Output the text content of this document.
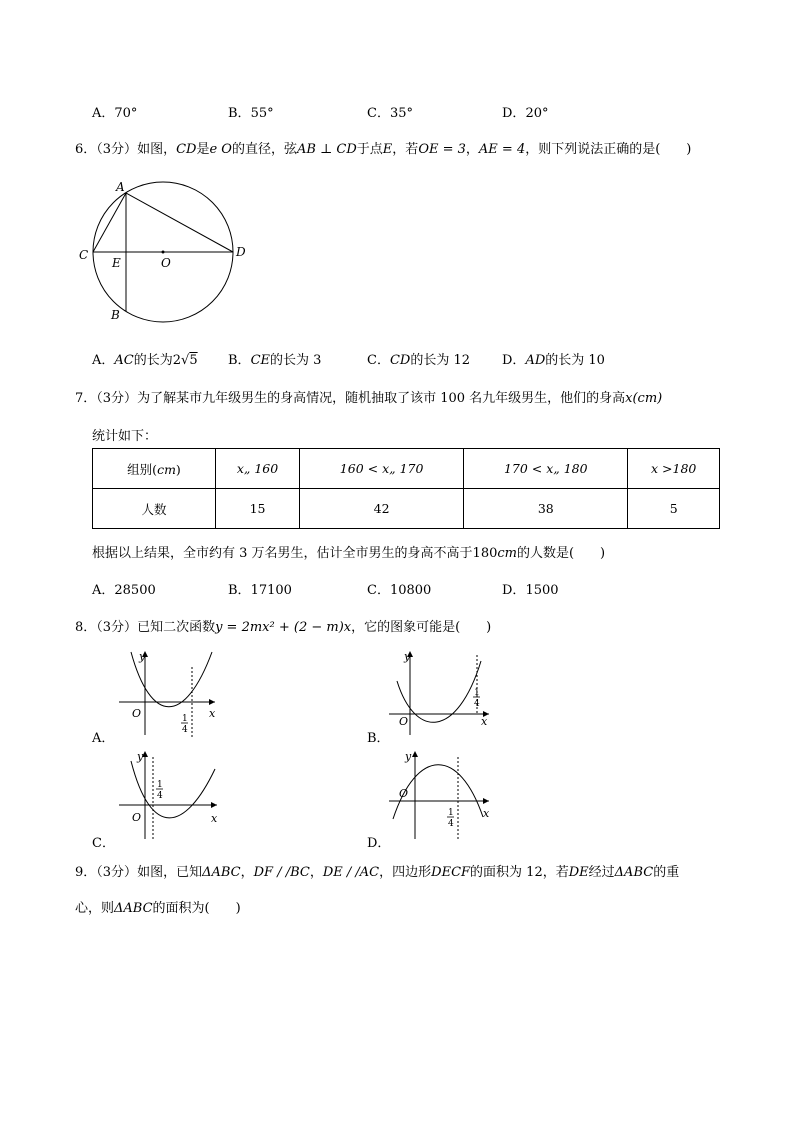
A．70°	B．55°	C．35°	D．20°
6．（3分）如图，CD是e O的直径，弦AB ⊥ CD于点E，若OE = 3，AE = 4，则下列说法正确的是(　　)
A
C	D
E	O
B
A．AC的长为2√5 B．CE的长为 3	C．CD的长为 12 D．AD的长为 10
7．（3分）为了解某市九年级男生的身高情况，随机抽取了该市 100 名九年级男生，他们的身高x(cm)
统计如下：
组别(cm)	x„ 160	160 < x„ 170	170 < x„ 180	x >180
人数	15	42	38	5
根据以上结果，全市约有 3 万名男生，估计全市男生的身高不高于180cm的人数是(　　)
A．28500	B．17100	C．10800	D．1500
8．（3分）已知二次函数y = 2mx² + (2 − m)x，它的图象可能是(　　)
y
x
O	1
4
A．
y
x
O
1
4
B．
y
x
O
1
4
C．
y
x
O
1
4
D．
9．（3分）如图，已知ΔABC，DF / /BC，DE / /AC，四边形DECF的面积为 12，若DE经过ΔABC的重
心，则ΔABC的面积为(　　)
